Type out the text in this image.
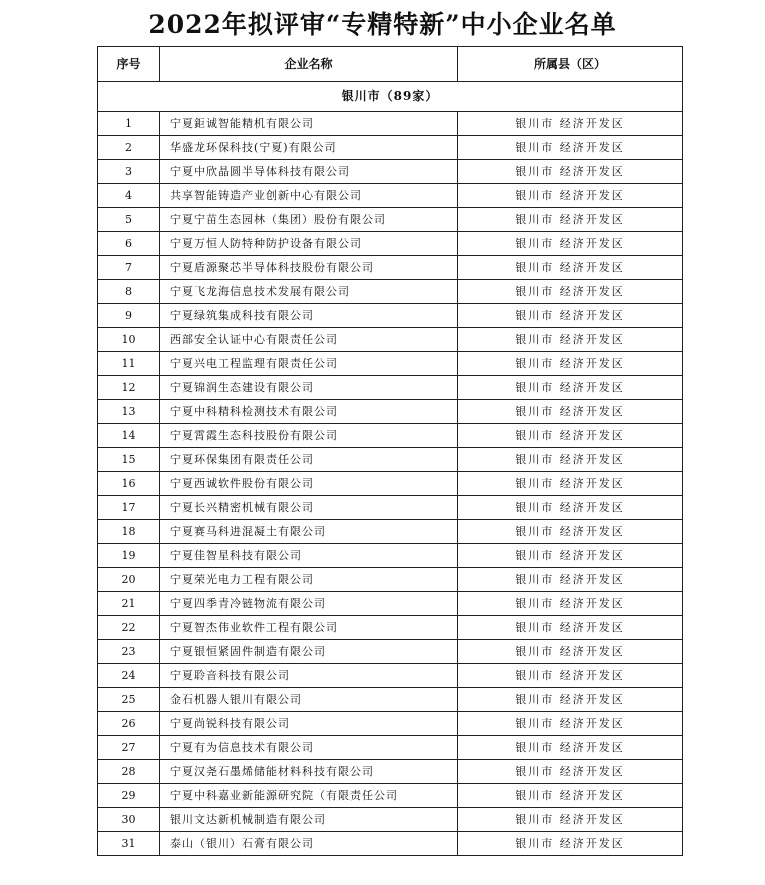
2022年拟评审“专精特新”中小企业名单
序号	企业名称	所属县（区）
银川市（89家）		
1	宁夏鉅诚智能精机有限公司	银川市 经济开发区
2	华盛龙环保科技(宁夏)有限公司	银川市 经济开发区
3	宁夏中欣晶圆半导体科技有限公司	银川市 经济开发区
4	共享智能铸造产业创新中心有限公司	银川市 经济开发区
5	宁夏宁苗生态园林（集团）股份有限公司	银川市 经济开发区
6	宁夏万恒人防特种防护设备有限公司	银川市 经济开发区
7	宁夏盾源聚芯半导体科技股份有限公司	银川市 经济开发区
8	宁夏飞龙海信息技术发展有限公司	银川市 经济开发区
9	宁夏绿筑集成科技有限公司	银川市 经济开发区
10	西部安全认证中心有限责任公司	银川市 经济开发区
11	宁夏兴电工程监理有限责任公司	银川市 经济开发区
12	宁夏锦润生态建设有限公司	银川市 经济开发区
13	宁夏中科精科检测技术有限公司	银川市 经济开发区
14	宁夏霄霞生态科技股份有限公司	银川市 经济开发区
15	宁夏环保集团有限责任公司	银川市 经济开发区
16	宁夏西诚软件股份有限公司	银川市 经济开发区
17	宁夏长兴精密机械有限公司	银川市 经济开发区
18	宁夏赛马科进混凝土有限公司	银川市 经济开发区
19	宁夏佳智星科技有限公司	银川市 经济开发区
20	宁夏荣光电力工程有限公司	银川市 经济开发区
21	宁夏四季青冷链物流有限公司	银川市 经济开发区
22	宁夏智杰伟业软件工程有限公司	银川市 经济开发区
23	宁夏银恒紧固件制造有限公司	银川市 经济开发区
24	宁夏聆音科技有限公司	银川市 经济开发区
25	金石机器人银川有限公司	银川市 经济开发区
26	宁夏尚锐科技有限公司	银川市 经济开发区
27	宁夏有为信息技术有限公司	银川市 经济开发区
28	宁夏汉尧石墨烯储能材料科技有限公司	银川市 经济开发区
29	宁夏中科嘉业新能源研究院（有限责任公司	银川市 经济开发区
30	银川文达新机械制造有限公司	银川市 经济开发区
31	泰山（银川）石膏有限公司	银川市 经济开发区
